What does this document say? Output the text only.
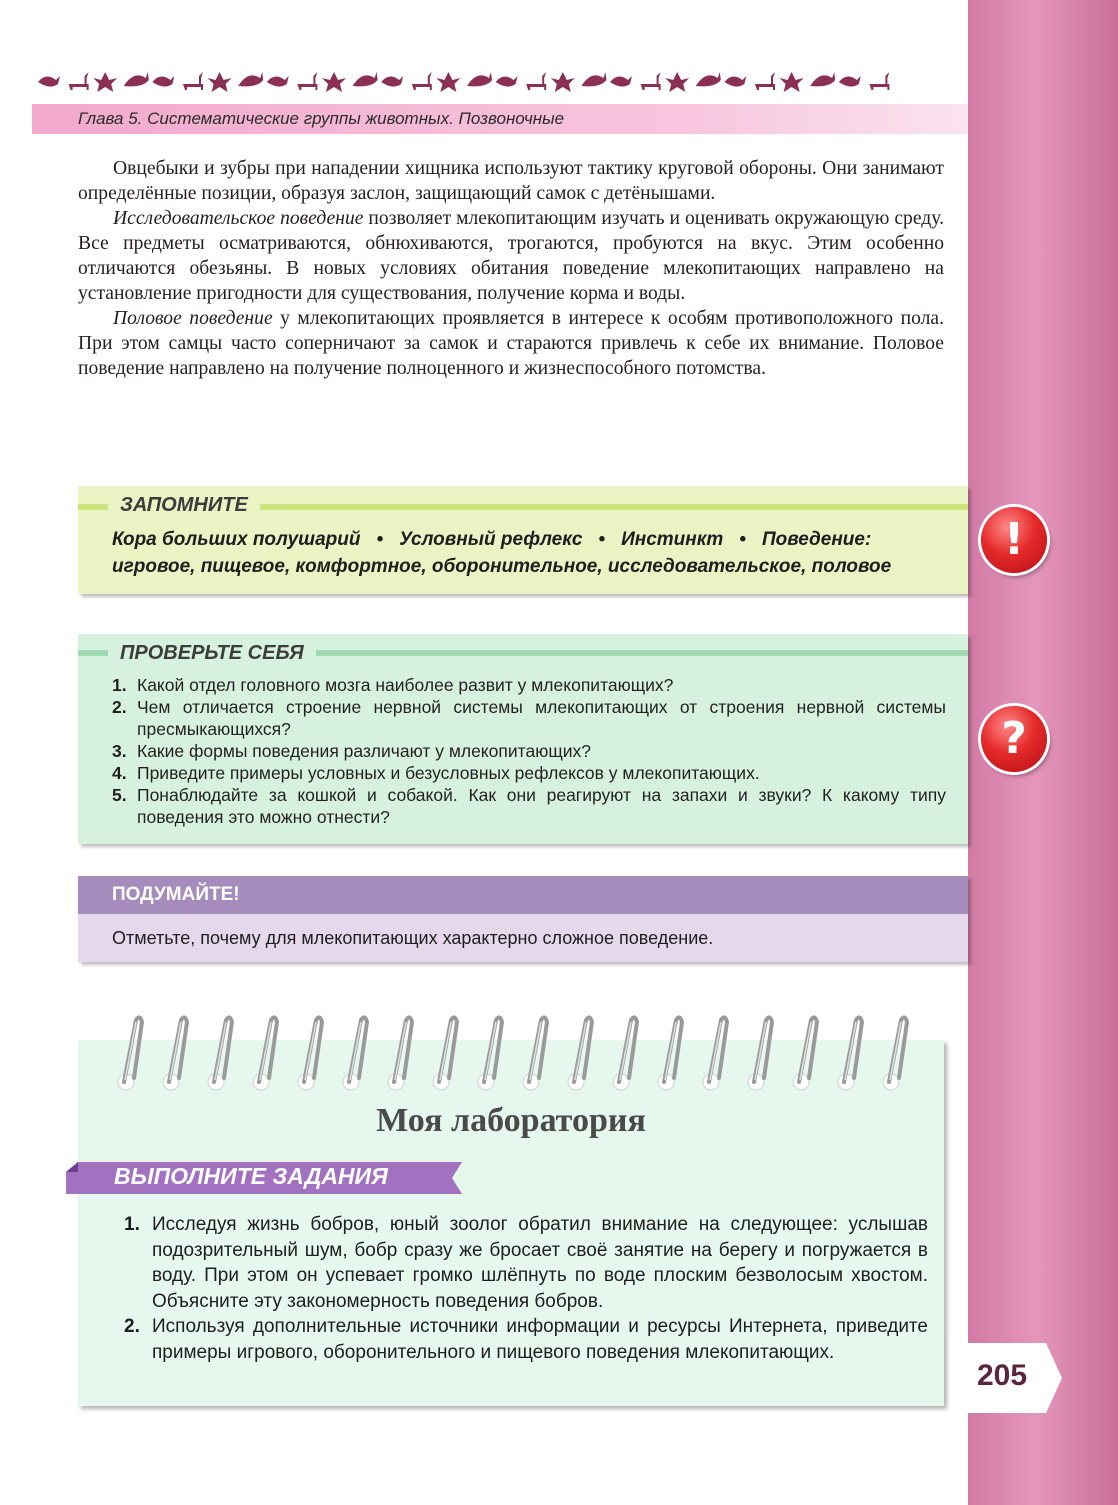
Глава 5. Систематические группы животных. Позвоночные

Овцебыки и зубры при нападении хищника используют тактику круговой обороны. Они занимают определённые позиции, образуя заслон, защищающий самок с детёнышами.

Исследовательское поведение позволяет млекопитающим изучать и оценивать окружающую среду. Все предметы осматриваются, обнюхиваются, трогаются, пробуются на вкус. Этим особенно отличаются обезьяны. В новых условиях обитания поведение млекопитающих направлено на установление пригодности для существования, получение корма и воды.

Половое поведение у млекопитающих проявляется в интересе к особям противоположного пола. При этом самцы часто соперничают за самок и стараются привлечь к себе их внимание. Половое поведение направлено на получение полноценного и жизнеспособного потомства.

ЗАПОМНИТЕ
Кора больших полушарий • Условный рефлекс • Инстинкт • Поведение:
игровое, пищевое, комфортное, оборонительное, исследовательское, половое
!
ПРОВЕРЬТЕ СЕБЯ
1. Какой отдел головного мозга наиболее развит у млекопитающих?
2. Чем отличается строение нервной системы млекопитающих от строения нервной системы пресмыкающихся?
3. Какие формы поведения различают у млекопитающих?
4. Приведите примеры условных и безусловных рефлексов у млекопитающих.
5. Понаблюдайте за кошкой и собакой. Как они реагируют на запахи и звуки? К какому типу поведения это можно отнести?
?
ПОДУМАЙТЕ!
Отметьте, почему для млекопитающих характерно сложное поведение.
1. Исследуя жизнь бобров, юный зоолог обратил внимание на следующее: услышав подозрительный шум, бобр сразу же бросает своё занятие на берегу и погружается в воду. При этом он успевает громко шлёпнуть по воде плоским безволосым хвостом. Объясните эту закономерность поведения бобров.
2. Используя дополнительные источники информации и ресурсы Интернета, приведите примеры игрового, оборонительного и пищевого поведения млекопитающих.
Моя лаборатория
ВЫПОЛНИТЕ ЗАДАНИЯ
205
